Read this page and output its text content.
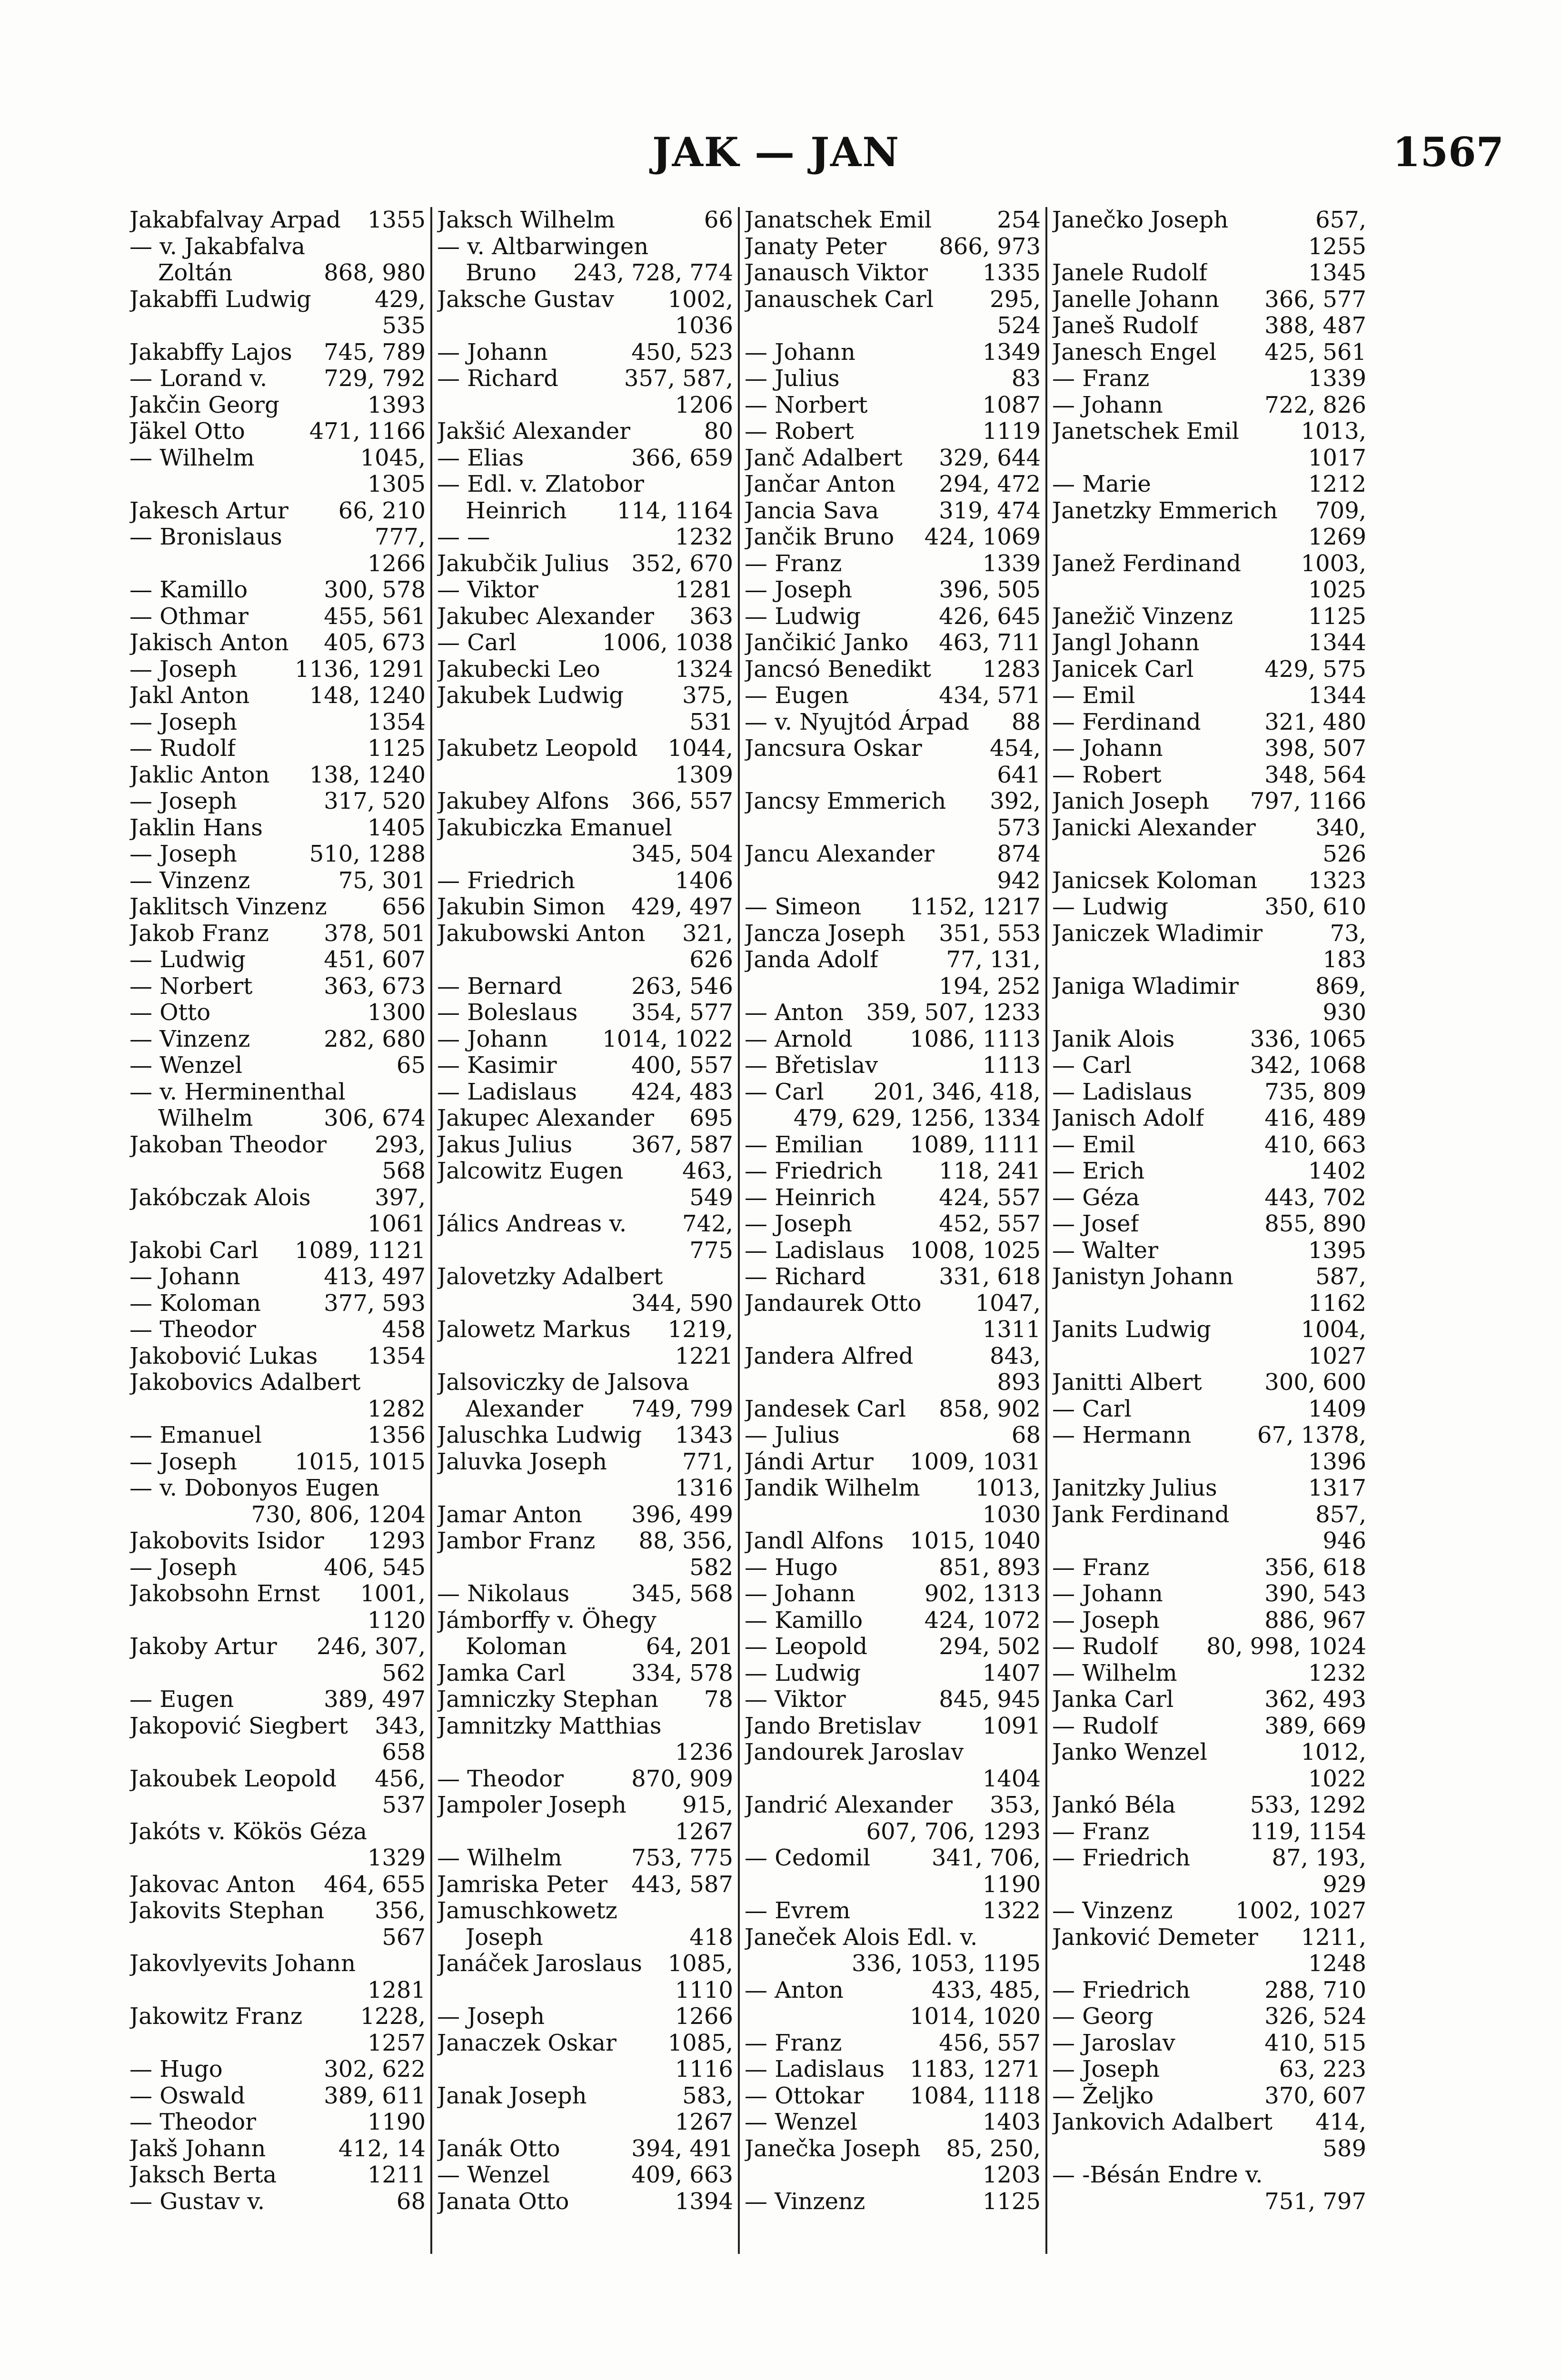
JAK — JAN	1567
Jakabfalvay Arpad 1355
— v. Jakabfalva
Zoltán	868, 980
Jakabffi Ludwig	429,
535
Jakabffy Lajos 745, 789
— Lorand v. 729, 792
Jakčin Georg	1393
Jäkel Otto	471, 1166
— Wilhelm	1045,
1305
Jakesch Artur 66, 210
— Bronislaus	777,
1266
— Kamillo	300, 578
— Othmar	455, 561
Jakisch Anton 405, 673
— Joseph	1136, 1291
Jakl Anton	148, 1240
— Joseph	1354
— Rudolf	1125
Jaklic Anton 138, 1240
— Joseph	317, 520
Jaklin Hans	1405
— Joseph	510, 1288
— Vinzenz	75, 301
Jaklitsch Vinzenz 656
Jakob Franz 378, 501
— Ludwig	451, 607
— Norbert	363, 673
— Otto	1300
— Vinzenz	282, 680
— Wenzel	65
— v. Herminenthal
Wilhelm	306, 674
Jakoban Theodor 293,
568
Jakóbczak Alois	397,
1061
Jakobi Carl 1089, 1121
— Johann	413, 497
— Koloman	377, 593
— Theodor	458
Jakobović Lukas 1354
Jakobovics Adalbert
1282
— Emanuel	1356
— Joseph	1015, 1015
— v. Dobonyos Eugen
730, 806, 1204
Jakobovits Isidor 1293
— Joseph	406, 545
Jakobsohn Ernst 1001,
1120
Jakoby Artur 246, 307,
562
— Eugen	389, 497
Jakopović Siegbert 343,
658
Jakoubek Leopold 456,
537
Jakóts v. Kökös Géza
1329
Jakovac Anton 464, 655
Jakovits Stephan 356,
567
Jakovlyevits Johann
1281
Jakowitz Franz	1228,
1257
— Hugo	302, 622
— Oswald	389, 611
— Theodor	1190
Jakš Johann	412, 14
Jaksch Berta	1211
— Gustav v.	68
Jaksch Wilhelm	66
— v. Altbarwingen
Bruno 243, 728, 774
Jaksche Gustav 1002,
1036
— Johann	450, 523
— Richard	357, 587,
1206
Jakšić Alexander	80
— Elias	366, 659
— Edl. v. Zlatobor
Heinrich 114, 1164
— —	1232
Jakubčik Julius 352, 670
— Viktor	1281
Jakubec Alexander 363
— Carl	1006, 1038
Jakubecki Leo	1324
Jakubek Ludwig	375,
531
Jakubetz Leopold 1044,
1309
Jakubey Alfons 366, 557
Jakubiczka Emanuel
345, 504
— Friedrich	1406
Jakubin Simon 429, 497
Jakubowski Anton 321,
626
— Bernard	263, 546
— Boleslaus 354, 577
— Johann 1014, 1022
— Kasimir	400, 557
— Ladislaus 424, 483
Jakupec Alexander 695
Jakus Julius	367, 587
Jalcowitz Eugen	463,
549
Jálics Andreas v. 742,
775
Jalovetzky Adalbert
344, 590
Jalowetz Markus 1219,
1221
Jalsoviczky de Jalsova
Alexander 749, 799
Jaluschka Ludwig 1343
Jaluvka Joseph	771,
1316
Jamar Anton 396, 499
Jambor Franz 88, 356,
582
— Nikolaus	345, 568
Jámborffy v. Öhegy
Koloman	64, 201
Jamka Carl	334, 578
Jamniczky Stephan 78
Jamnitzky Matthias
1236
— Theodor	870, 909
Jampoler Joseph 915,
1267
— Wilhelm	753, 775
Jamriska Peter 443, 587
Jamuschkowetz
Joseph	418
Janáček Jaroslaus 1085,
1110
— Joseph	1266
Janaczek Oskar 1085,
1116
Janak Joseph	583,
1267
Janák Otto	394, 491
— Wenzel	409, 663
Janata Otto	1394
Janatschek Emil	254
Janaty Peter 866, 973
Janausch Viktor 1335
Janauschek Carl 295,
524
— Johann	1349
— Julius	83
— Norbert	1087
— Robert	1119
Janč Adalbert 329, 644
Jančar Anton 294, 472
Jancia Sava	319, 474
Jančik Bruno 424, 1069
— Franz	1339
— Joseph	396, 505
— Ludwig	426, 645
Jančikić Janko 463, 711
Jancsó Benedikt 1283
— Eugen	434, 571
— v. Nyujtód Árpad 88
Jancsura Oskar	454,
641
Jancsy Emmerich 392,
573
Jancu Alexander	874
942
— Simeon 1152, 1217
Jancza Joseph 351, 553
Janda Adolf	77, 131,
194, 252
— Anton 359, 507, 1233
— Arnold	1086, 1113
— Břetislav	1113
— Carl 201, 346, 418,
479, 629, 1256, 1334
— Emilian 1089, 1111
— Friedrich 118, 241
— Heinrich	424, 557
— Joseph	452, 557
— Ladislaus 1008, 1025
— Richard	331, 618
Jandaurek Otto 1047,
1311
Jandera Alfred	843,
893
Jandesek Carl 858, 902
— Julius	68
Jándi Artur 1009, 1031
Jandik Wilhelm 1013,
1030
Jandl Alfons 1015, 1040
— Hugo	851, 893
— Johann	902, 1313
— Kamillo	424, 1072
— Leopold	294, 502
— Ludwig	1407
— Viktor	845, 945
Jando Bretislav	1091
Jandourek Jaroslav
1404
Jandrić Alexander 353,
607, 706, 1293
— Cedomil	341, 706,
1190
— Evrem	1322
Janeček Alois Edl. v.
336, 1053, 1195
— Anton	433, 485,
1014, 1020
— Franz	456, 557
— Ladislaus 1183, 1271
— Ottokar 1084, 1118
— Wenzel	1403
Janečka Joseph 85, 250,
1203
— Vinzenz	1125
Janečko Joseph	657,
1255
Janele Rudolf	1345
Janelle Johann 366, 577
Janeš Rudolf	388, 487
Janesch Engel 425, 561
— Franz	1339
— Johann	722, 826
Janetschek Emil	1013,
1017
— Marie	1212
Janetzky Emmerich 709,
1269
Janež Ferdinand	1003,
1025
Janežič Vinzenz	1125
Jangl Johann	1344
Janicek Carl	429, 575
— Emil	1344
— Ferdinand	321, 480
— Johann	398, 507
— Robert	348, 564
Janich Joseph 797, 1166
Janicki Alexander	340,
526
Janicsek Koloman 1323
— Ludwig	350, 610
Janiczek Wladimir	73,
183
Janiga Wladimir	869,
930
Janik Alois	336, 1065
— Carl	342, 1068
— Ladislaus	735, 809
Janisch Adolf	416, 489
— Emil	410, 663
— Erich	1402
— Géza	443, 702
— Josef	855, 890
— Walter	1395
Janistyn Johann	587,
1162
Janits Ludwig	1004,
1027
Janitti Albert	300, 600
— Carl	1409
— Hermann	67, 1378,
1396
Janitzky Julius	1317
Jank Ferdinand	857,
946
— Franz	356, 618
— Johann	390, 543
— Joseph	886, 967
— Rudolf 80, 998, 1024
— Wilhelm	1232
Janka Carl	362, 493
— Rudolf	389, 669
Janko Wenzel	1012,
1022
Jankó Béla	533, 1292
— Franz	119, 1154
— Friedrich	87, 193,
929
— Vinzenz	1002, 1027
Janković Demeter 1211,
1248
— Friedrich	288, 710
— Georg	326, 524
— Jaroslav	410, 515
— Joseph	63, 223
— Željko	370, 607
Jankovich Adalbert 414,
589
— -Bésán Endre v.
751, 797
